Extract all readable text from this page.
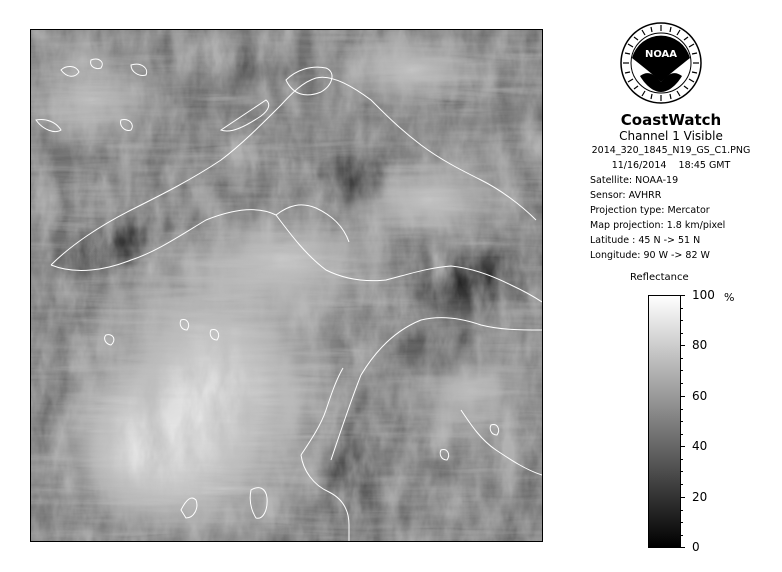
NOAA
CoastWatch
Channel 1 Visible
2014_320_1845_N19_GS_C1.PNG
11/16/2014 18:45 GMT
Satellite: NOAA-19
Sensor: AVHRR
Projection type: Mercator
Map projection: 1.8 km/pixel
Latitude : 45 N -> 51 N
Longitude: 90 W -> 82 W
Reflectance
100
80
60
40
20
0
%
